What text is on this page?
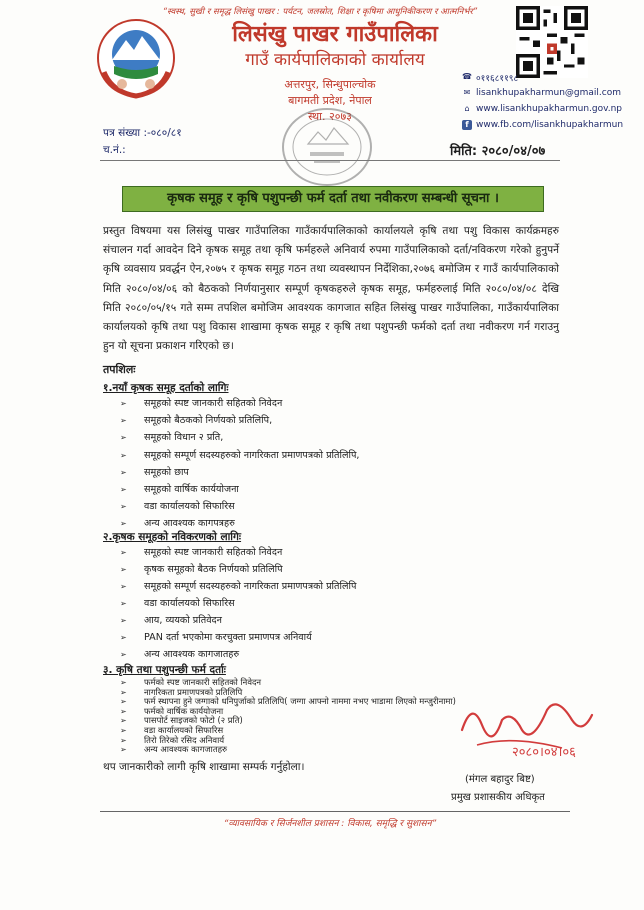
“स्वस्थ, सुखी र समृद्ध लिसंखु पाखर : पर्यटन, जलस्रोत, शिक्षा र कृषिमा आधुनिकीकरण र आत्मनिर्भर”
लिसंखु पाखर गाउँपालिका
गाउँ कार्यपालिकाको कार्यालय
अत्तरपुर, सिन्धुपाल्चोक
बागमती प्रदेश, नेपाल
स्था. २०७३
☎ ०११६८११९८
✉ lisankhupakharmun@gmail.com
⌂ www.lisankhupakharmun.gov.np
f www.fb.com/lisankhupakharmun
पत्र संख्या :-०८०/८१
च.नं.:	मिति: २०८०/०४/०७
कृषक समूह र कृषि पशुपन्छी फर्म दर्ता तथा नवीकरण सम्बन्धी सूचना ।
प्रस्तुत विषयमा यस लिसंखु पाखर गाउँपालिका गाउँकार्यपालिकाको कार्यालयले कृषि तथा पशु विकास कार्यक्रमहरु संचालन गर्दा आवदेन दिने कृषक समूह तथा कृषि फर्महरुले अनिवार्य रुपमा गाउँपालिकाको दर्ता/नविकरण गरेको हुनुपर्ने कृषि व्यवसाय प्रवर्द्धन ऐन,२०७५ र कृषक समूह गठन तथा व्यवस्थापन निर्देशिका,२०७६ बमोजिम र गाउँ कार्यपालिकाको मिति २०८०/०४/०६ को बैठकको निर्णयानुसार सम्पूर्ण कृषकहरुले कृषक समूह, फर्महरुलाई मिति २०८०/०४/०८ देखि मिति २०८०/०५/१५ गते सम्म तपशिल बमोजिम आवश्यक कागजात सहित लिसंखु पाखर गाउँपालिका, गाउँकार्यपालिका कार्यालयको कृषि तथा पशु विकास शाखामा कृषक समूह र कृषि तथा पशुपन्छी फर्मको दर्ता तथा नवीकरण गर्न गराउनु हुन यो सूचना प्रकाशन गरिएको छ।
तपशिलः
१.नयाँ कृषक समूह दर्ताको लागिः
➢ समूहको स्पष्ट जानकारी सहितको निवेदन
➢ समूहको बैठकको निर्णयको प्रतिलिपि,
➢ समूहको विधान २ प्रति,
➢ समूहको सम्पूर्ण सदस्यहरुको नागरिकता प्रमाणपत्रको प्रतिलिपि,
➢ समूहको छाप
➢ समूहको वार्षिक कार्ययोजना
➢ वडा कार्यालयको सिफारिस
➢ अन्य आवश्यक कागपत्रहरु
२.कृषक समूहको नविकरणको लागिः
➢ समूहको स्पष्ट जानकारी सहितको निवेदन
➢ कृषक समूहको बैठक निर्णयको प्रतिलिपि
➢ समूहको सम्पूर्ण सदस्यहरुको नागरिकता प्रमाणपत्रको प्रतिलिपि
➢ वडा कार्यालयको सिफारिस
➢ आय, व्ययको प्रतिवेदन
➢ PAN दर्ता भएकोमा करचुक्ता प्रमाणपत्र अनिवार्य
➢ अन्य आवश्यक कागजातहरु
३. कृषि तथा पशुपन्छी फर्म दर्ताः
➢ फर्मको स्पष्ट जानकारी सहितको निवेदन
➢ नागरिकता प्रमाणपत्रको प्रतिलिपि
➢ फर्म स्थापना हुने जग्गाको धनिपुर्जाको प्रतिलिपि( जग्गा आफ्नो नाममा नभए भाडामा लिएको मन्जुरीनामा)
➢ फर्मको वार्षिक कार्ययोजना
➢ पासपोर्ट साइजको फोटो (२ प्रति)
➢ वडा कार्यालयको सिफारिस
➢ तिरो तिरेको रसिद अनिवार्य
➢ अन्य आवश्यक कागजातहरु	२०८०।०४।०६
(मंगल बहादुर बिष्ट)
प्रमुख प्रशासकीय अधिकृत
“व्यावसायिक र सिर्जनशील प्रशासन : विकास, समृद्धि र सुशासन”
थप जानकारीको लागी कृषि शाखामा सम्पर्क गर्नुहोला।
